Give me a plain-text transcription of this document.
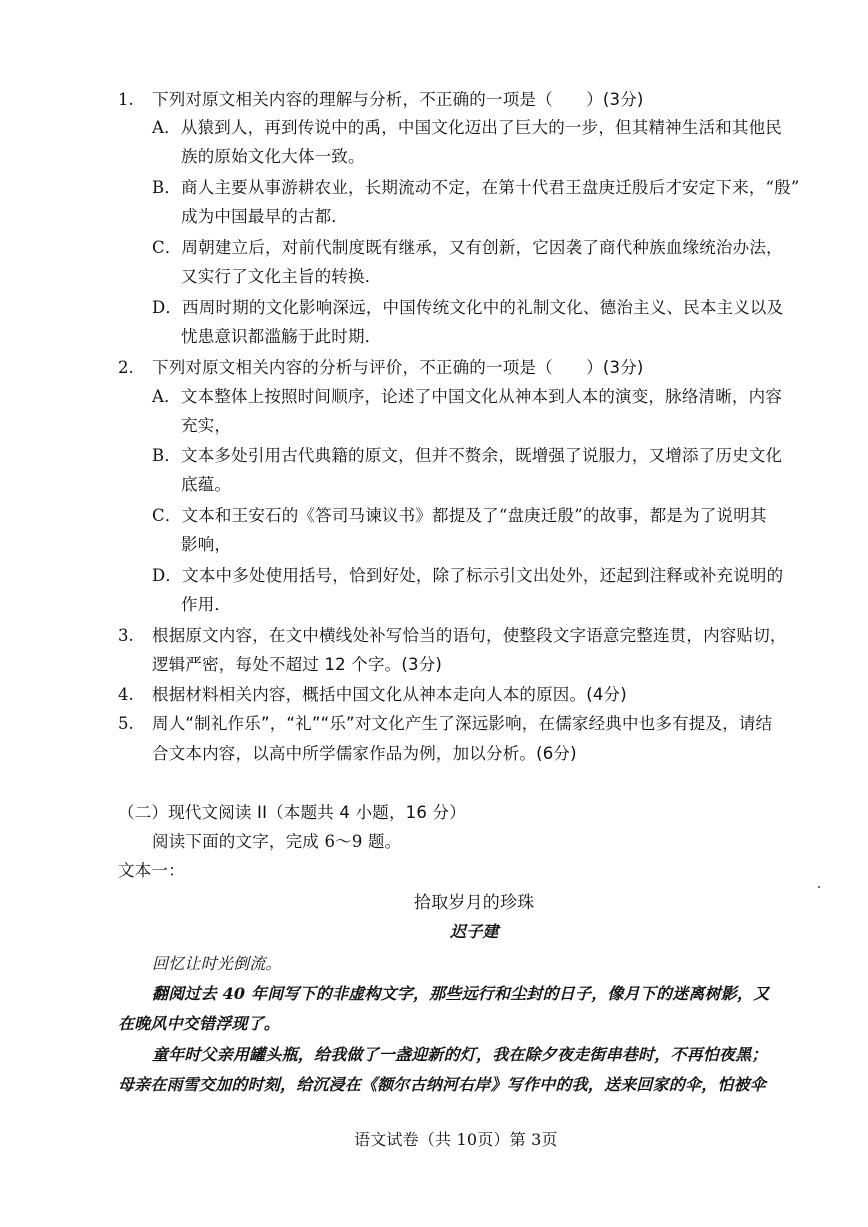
1. 下列对原文相关内容的理解与分析，不正确的一项是（　　）(3分)
A．从猿到人，再到传说中的禹，中国文化迈出了巨大的一步，但其精神生活和其他民
族的原始文化大体一致。
B．商人主要从事游耕农业，长期流动不定，在第十代君王盘庚迁殷后才安定下来，“殷”
成为中国最早的古都．
C．周朝建立后，对前代制度既有继承，又有创新，它因袭了商代种族血缘统治办法，
又实行了文化主旨的转换．
D．西周时期的文化影响深远，中国传统文化中的礼制文化、德治主义、民本主义以及
忧患意识都滥觞于此时期．
2. 下列对原文相关内容的分析与评价，不正确的一项是（　　）(3分)
A．文本整体上按照时间顺序，论述了中国文化从神本到人本的演变，脉络清晰，内容
充实，
B．文本多处引用古代典籍的原文，但并不赘余，既增强了说服力，又增添了历史文化
底蕴。
C．文本和王安石的《答司马谏议书》都提及了“盘庚迁殷”的故事，都是为了说明其
影响，
D．文本中多处使用括号，恰到好处，除了标示引文出处外，还起到注释或补充说明的
作用．
3. 根据原文内容，在文中横线处补写恰当的语句，使整段文字语意完整连贯，内容贴切，
逻辑严密，每处不超过 12 个字。(3分)
4. 根据材料相关内容，概括中国文化从神本走向人本的原因。(4分)
5. 周人“制礼作乐”，“礼”“乐”对文化产生了深远影响，在儒家经典中也多有提及，请结
合文本内容，以高中所学儒家作品为例，加以分析。(6分)
（二）现代文阅读 II（本题共 4 小题，16 分）
阅读下面的文字，完成 6～9 题。
文本一：
拾取岁月的珍珠
迟子建
回忆让时光倒流。
翻阅过去 40 年间写下的非虚构文字，那些远行和尘封的日子，像月下的迷离树影，又
在晚风中交错浮现了。
童年时父亲用罐头瓶，给我做了一盏迎新的灯，我在除夕夜走街串巷时，不再怕夜黑；
母亲在雨雪交加的时刻，给沉浸在《额尔古纳河右岸》写作中的我，送来回家的伞，怕被伞
语文试卷（共 10页）第 3页
